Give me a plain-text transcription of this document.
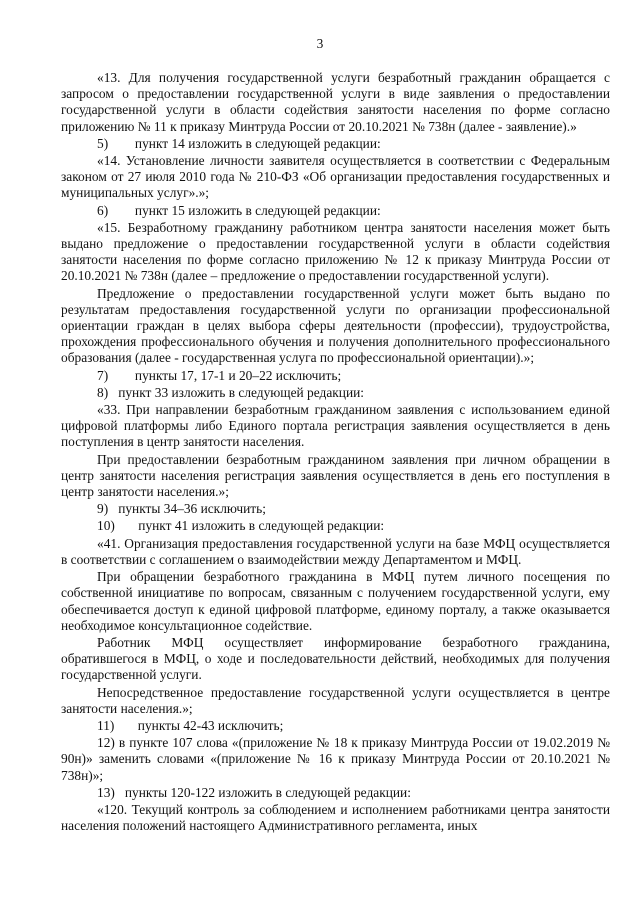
3

«13. Для получения государственной услуги безработный гражданин обращается с запросом о предоставлении государственной услуги в виде заявления о предоставлении государственной услуги в области содействия занятости населения по форме согласно приложению № 11 к приказу Минтруда России от 20.10.2021 № 738н (далее - заявление).»

5)        пункт 14 изложить в следующей редакции:

«14. Установление личности заявителя осуществляется в соответствии с Федеральным законом от 27 июля 2010 года № 210-ФЗ «Об организации предоставления государственных и муниципальных услуг».»;

6)        пункт 15 изложить в следующей редакции:

«15. Безработному гражданину работником центра занятости населения может быть выдано предложение о предоставлении государственной услуги в области содействия занятости населения по форме согласно приложению № 12 к приказу Минтруда России от 20.10.2021 № 738н (далее – предложение о предоставлении государственной услуги).

Предложение о предоставлении государственной услуги может быть выдано по результатам предоставления государственной услуги по организации профессиональной ориентации граждан в целях выбора сферы деятельности (профессии), трудоустройства, прохождения профессионального обучения и получения дополнительного профессионального образования (далее - государственная услуга по профессиональной ориентации).»;

7)        пункты 17, 17-1 и 20–22 исключить;

8)   пункт 33 изложить в следующей редакции:

«33. При направлении безработным гражданином заявления с использованием единой цифровой платформы либо Единого портала регистрация заявления осуществляется в день поступления в центр занятости населения.

При предоставлении безработным гражданином заявления при личном обращении в центр занятости населения регистрация заявления осуществляется в день его поступления в центр занятости населения.»;

9)   пункты 34–36 исключить;

10)       пункт 41 изложить в следующей редакции:

«41. Организация предоставления государственной услуги на базе МФЦ осуществляется в соответствии с соглашением о взаимодействии между Департаментом и МФЦ.

При обращении безработного гражданина в МФЦ путем личного посещения по собственной инициативе по вопросам, связанным с получением государственной услуги, ему обеспечивается доступ к единой цифровой платформе, единому порталу, а также оказывается необходимое консультационное содействие.

Работник МФЦ осуществляет информирование безработного гражданина, обратившегося в МФЦ, о ходе и последовательности действий, необходимых для получения государственной услуги.

Непосредственное предоставление государственной услуги осуществляется в центре занятости населения.»;

11)       пункты 42-43 исключить;

12) в пункте 107 слова «(приложение № 18 к приказу Минтруда России от 19.02.2019 № 90н)» заменить словами «(приложение № 16 к приказу Минтруда России от 20.10.2021 № 738н)»;

13)   пункты 120-122 изложить в следующей редакции:

«120. Текущий контроль за соблюдением и исполнением работниками центра занятости населения положений настоящего Административного регламента, иных
